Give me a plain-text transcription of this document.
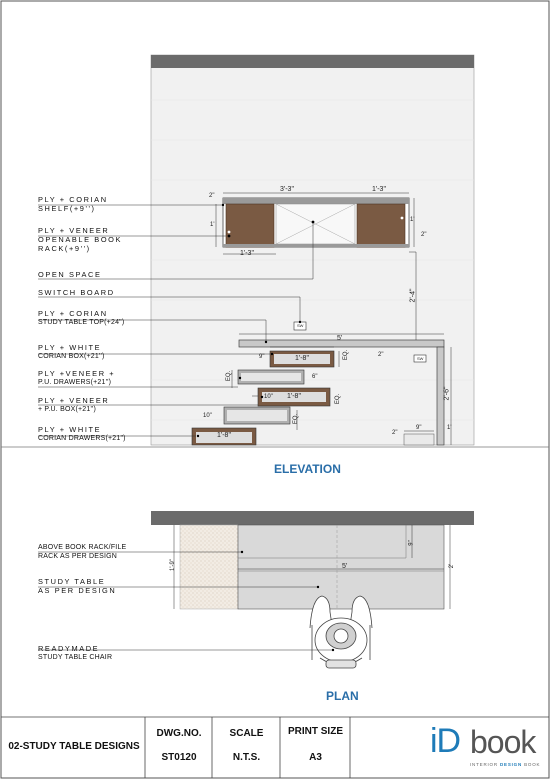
PLY + CORIAN
SHELF(+9'')
PLY + VENEER
OPENABLE BOOK
RACK(+9'')
OPEN SPACE
SWITCH BOARD
PLY + CORIAN
STUDY TABLE TOP(+24")
PLY + WHITE
CORIAN BOX(+21'')
PLY +VENEER +
P.U. DRAWERS(+21'')
PLY + VENEER
+ P.U. BOX(+21'')
PLY + WHITE
CORIAN DRAWERS(+21")
3'-3"	1'-3"
1'-3"
2"
1'
1'
2"
2'-4"
5'
1'-8"
9"	EQ.
6"
EQ.
10" 1'-8"	EQ.
10"
1'-8"
EQ.
2'-6"
2"
9"	1'
2"
SW
SW
ELEVATION
ABOVE BOOK RACK/FILE
RACK AS PER DESIGN
STUDY TABLE
AS PER DESIGN
READYMADE
STUDY TABLE CHAIR
1'-9"
9"
5'	2'
PLAN
02-STUDY TABLE DESIGNS
DWG.NO.
ST0120
SCALE
N.T.S.
PRINT SIZE
A3	iD book
INTERIOR DESIGN BOOK
